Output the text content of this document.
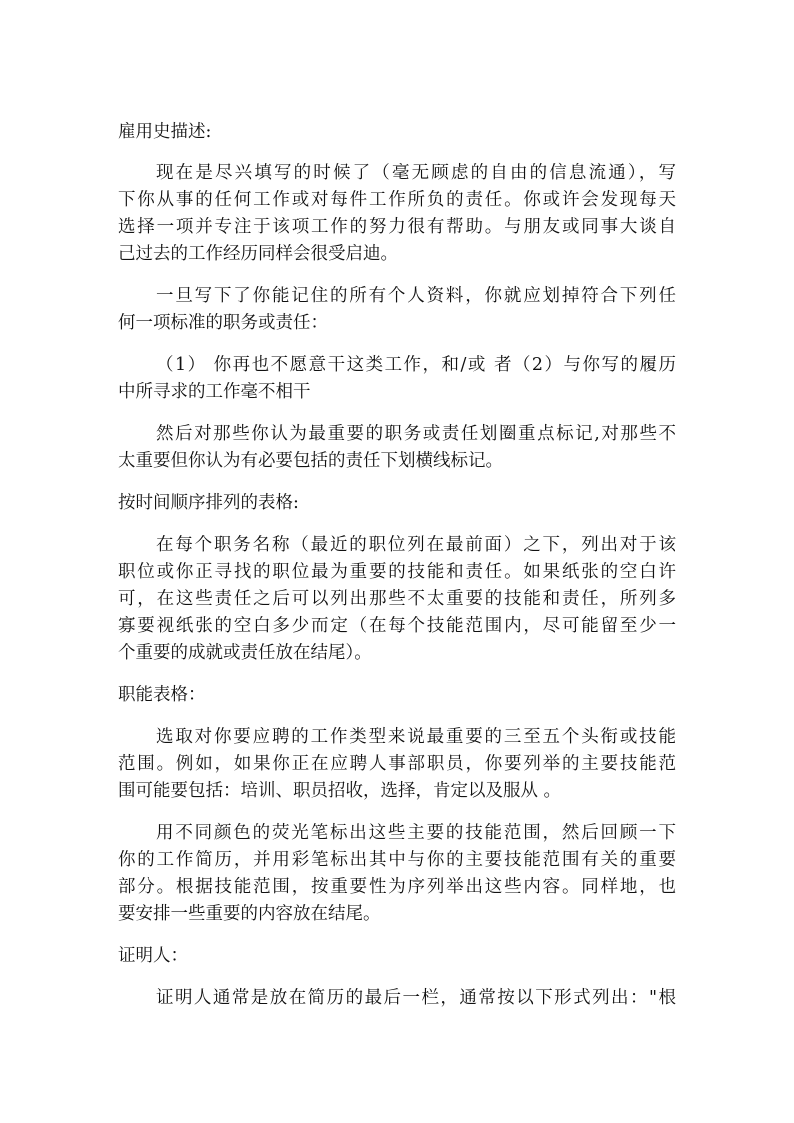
雇用史描述:
现在是尽兴填写的时候了（毫无顾虑的自由的信息流通），写
下你从事的任何工作或对每件工作所负的责任。你或许会发现每天
选择一项并专注于该项工作的努力很有帮助。与朋友或同事大谈自
己过去的工作经历同样会很受启迪。
一旦写下了你能记住的所有个人资料，你就应划掉符合下列任
何一项标准的职务或责任：
（1） 你再也不愿意干这类工作，和/或 者（2）与你写的履历
中所寻求的工作毫不相干
然后对那些你认为最重要的职务或责任划圈重点标记,对那些不
太重要但你认为有必要包括的责任下划横线标记。
按时间顺序排列的表格:
在每个职务名称（最近的职位列在最前面）之下，列出对于该
职位或你正寻找的职位最为重要的技能和责任。如果纸张的空白许
可，在这些责任之后可以列出那些不太重要的技能和责任，所列多
寡要视纸张的空白多少而定（在每个技能范围内，尽可能留至少一
个重要的成就或责任放在结尾）。
职能表格：
选取对你要应聘的工作类型来说最重要的三至五个头衔或技能
范围。例如，如果你正在应聘人事部职员，你要列举的主要技能范
围可能要包括：培训、职员招收，选择，肯定以及服从 。
用不同颜色的荧光笔标出这些主要的技能范围，然后回顾一下
你的工作简历，并用彩笔标出其中与你的主要技能范围有关的重要
部分。根据技能范围，按重要性为序列举出这些内容。同样地，也
要安排一些重要的内容放在结尾。
证明人：
证明人通常是放在简历的最后一栏，通常按以下形式列出："根
